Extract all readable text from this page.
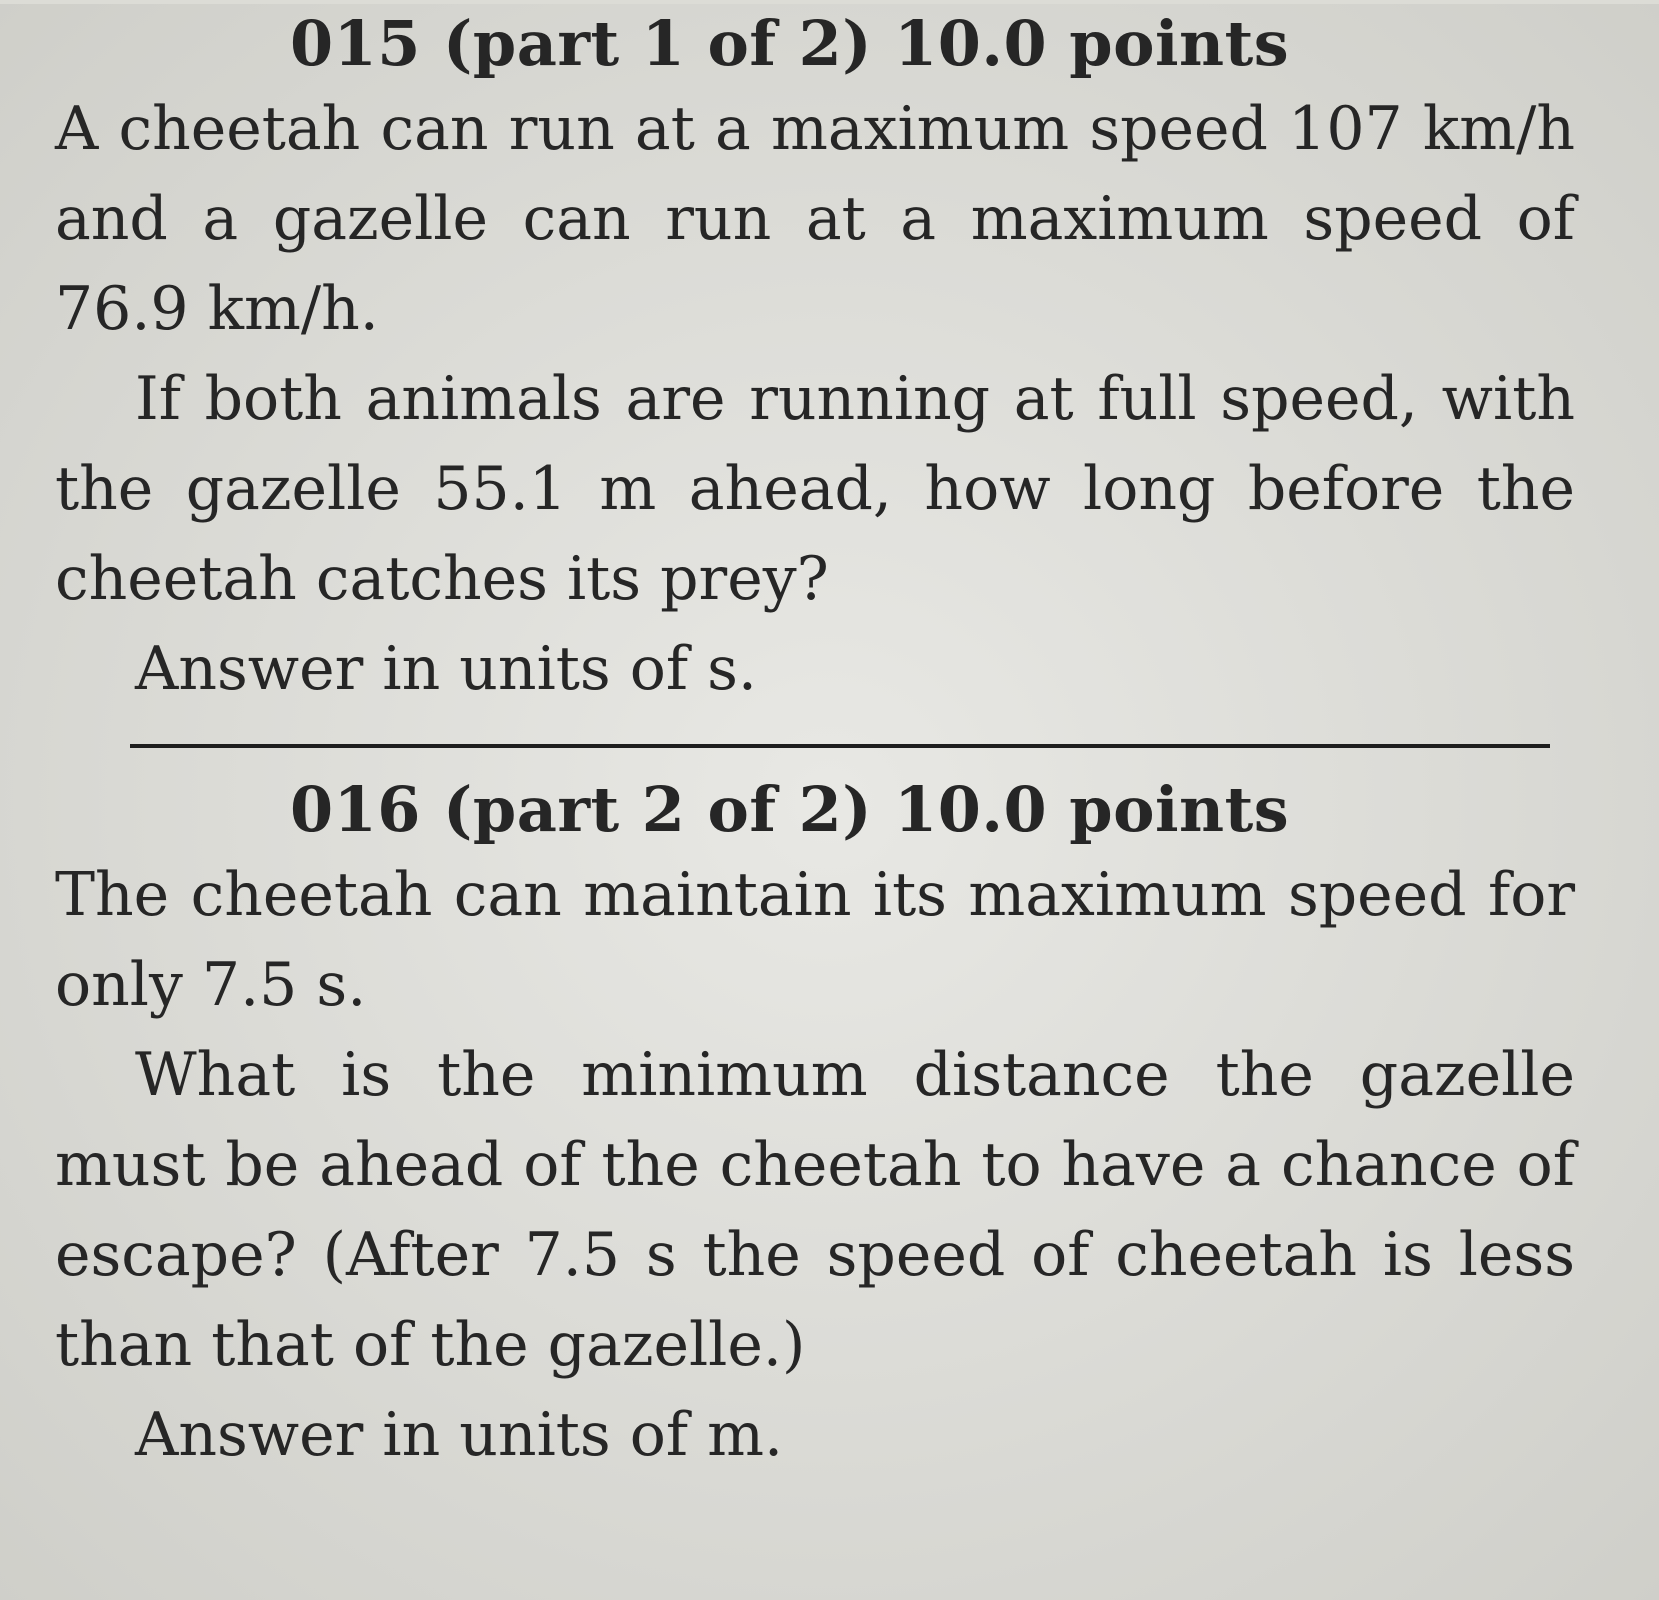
015 (part 1 of 2) 10.0 points

A cheetah can run at a maximum speed 107 km/h and a gazelle can run at a maximum speed of 76.9 km/h.

If both animals are running at full speed, with the gazelle 55.1 m ahead, how long before the cheetah catches its prey?

Answer in units of s.
016 (part 2 of 2) 10.0 points

The cheetah can maintain its maximum speed for only 7.5 s.

What is the minimum distance the gazelle must be ahead of the cheetah to have a chance of escape? (After 7.5 s the speed of cheetah is less than that of the gazelle.)

Answer in units of m.
